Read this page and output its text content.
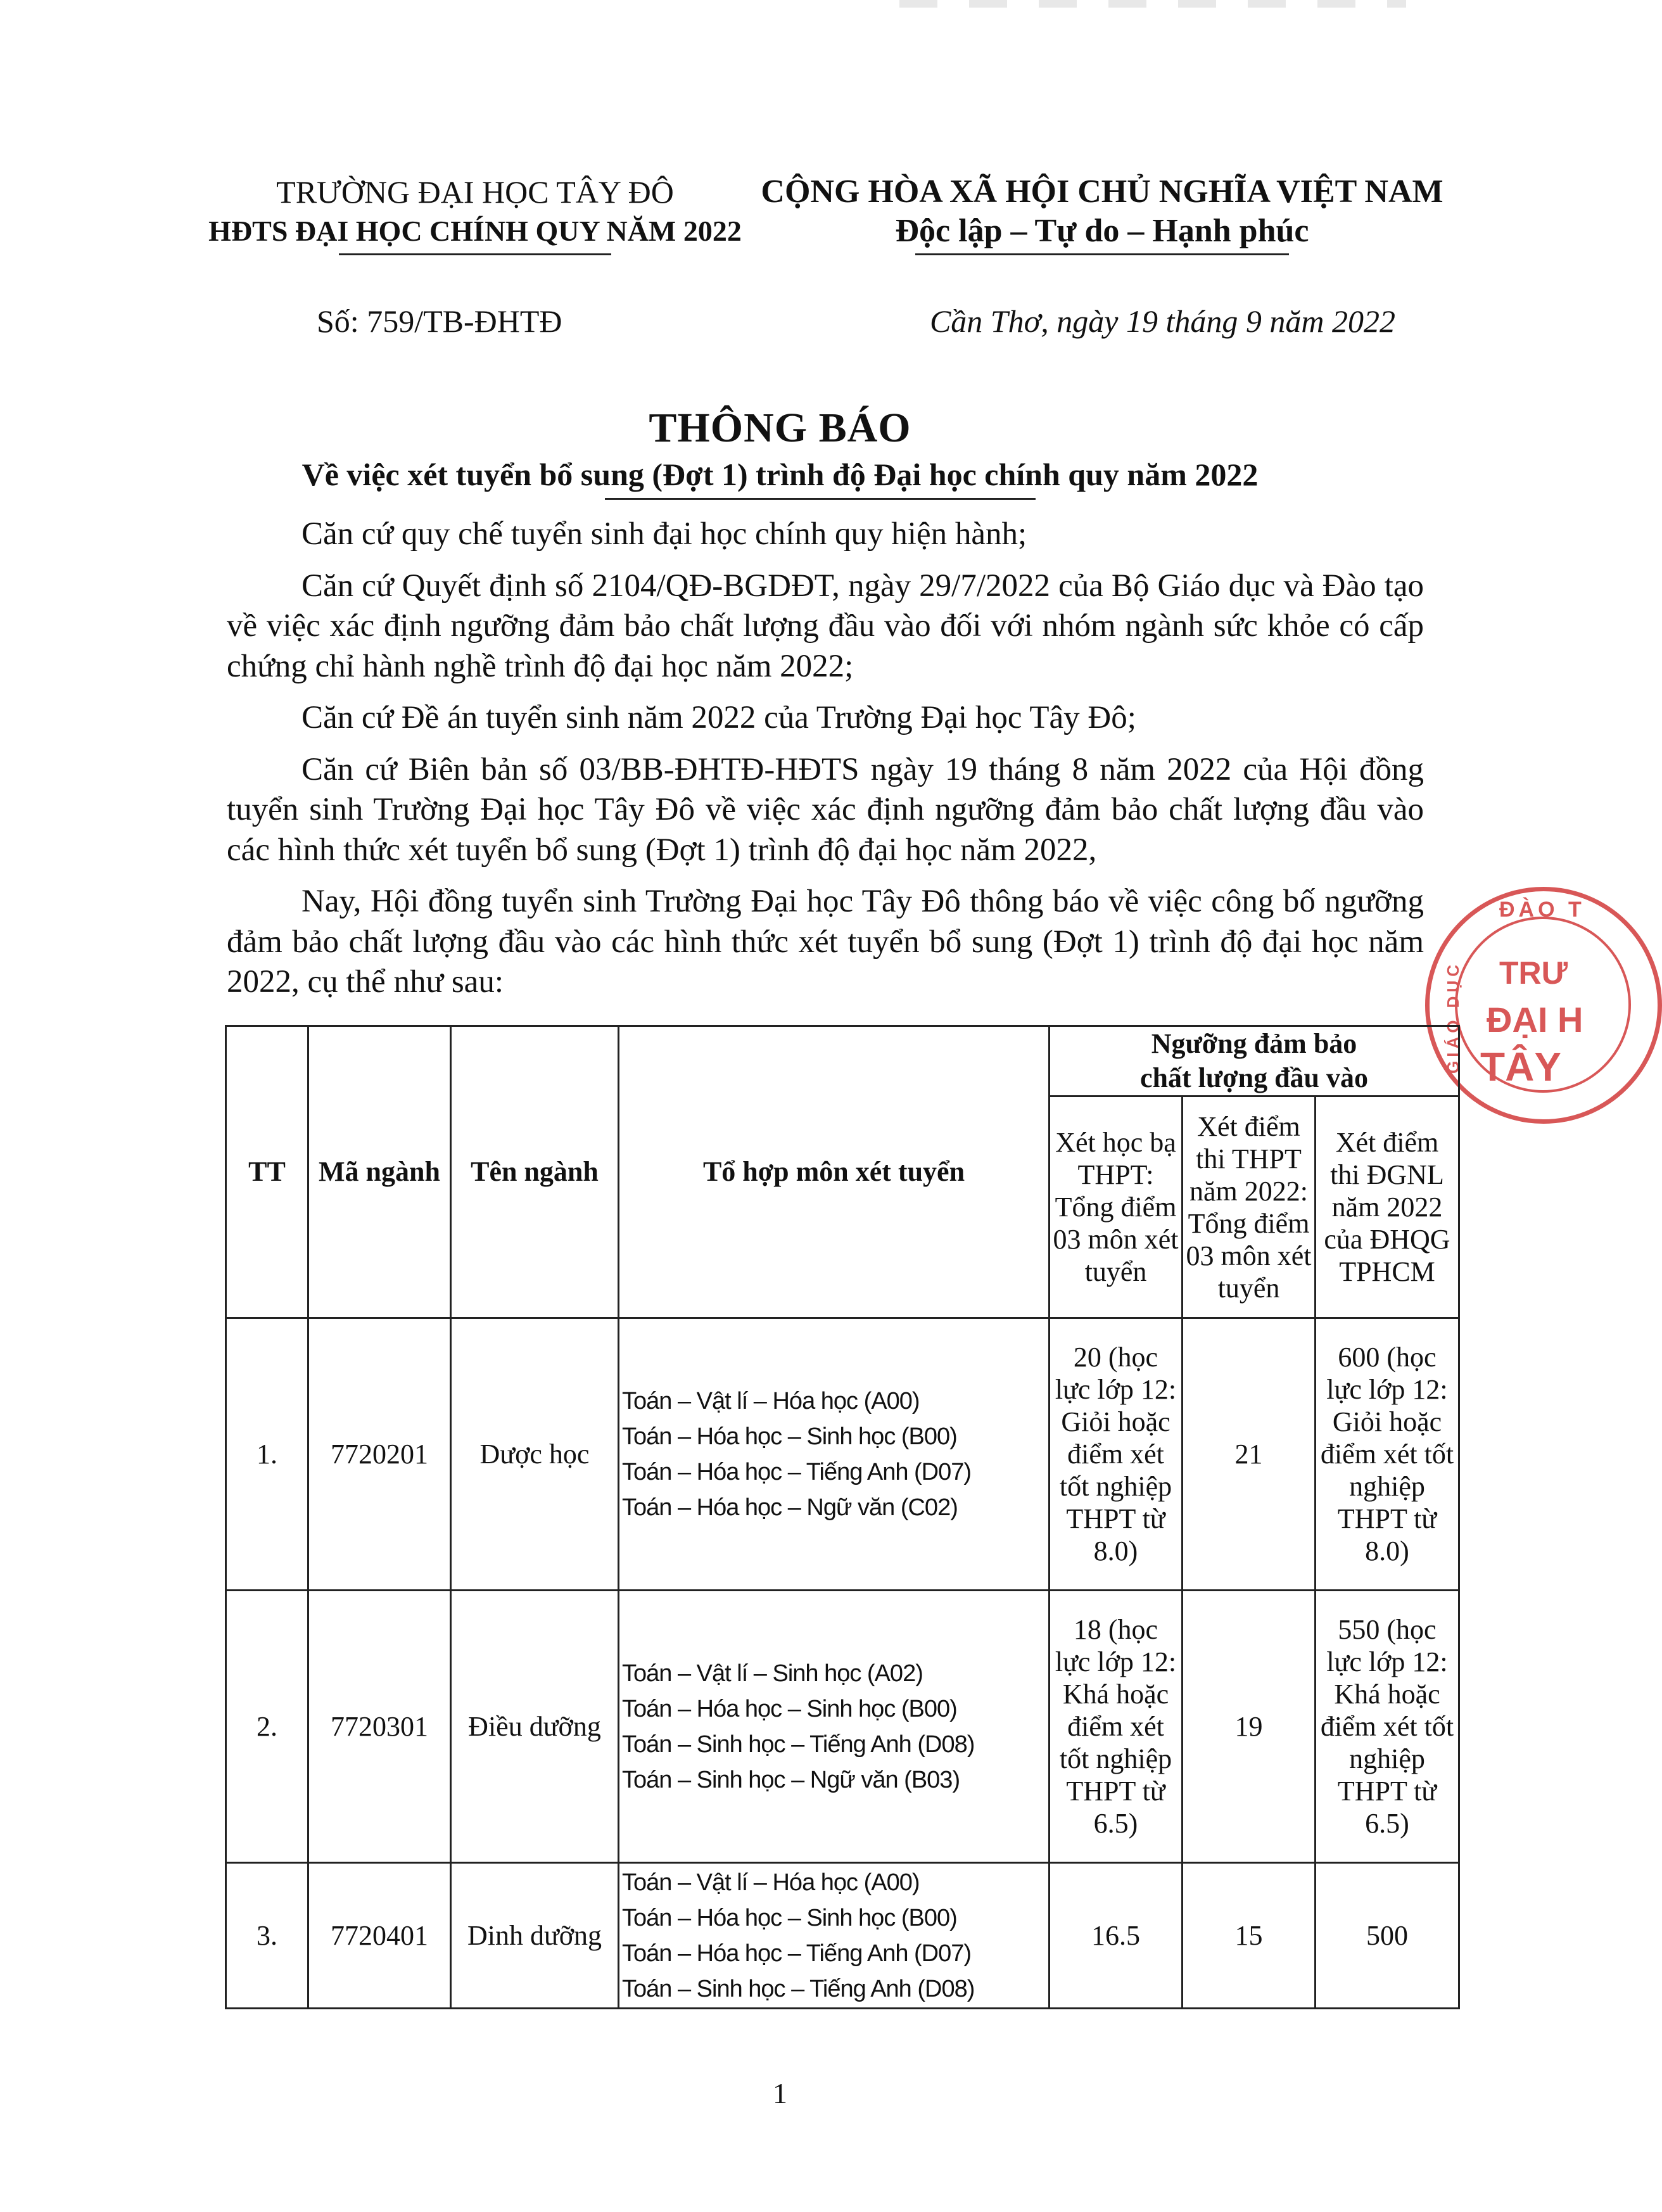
TRƯỜNG ĐẠI HỌC TÂY ĐÔ
HĐTS ĐẠI HỌC CHÍNH QUY NĂM 2022
CỘNG HÒA XÃ HỘI CHỦ NGHĨA VIỆT NAM
Độc lập – Tự do – Hạnh phúc
Số: 759/TB-ĐHTĐ	Cần Thơ, ngày 19 tháng 9 năm 2022
THÔNG BÁO
Về việc xét tuyển bổ sung (Đợt 1) trình độ Đại học chính quy năm 2022

Căn cứ quy chế tuyển sinh đại học chính quy hiện hành;

Căn cứ Quyết định số 2104/QĐ-BGDĐT, ngày 29/7/2022 của Bộ Giáo dục và Đào tạo về việc xác định ngưỡng đảm bảo chất lượng đầu vào đối với nhóm ngành sức khỏe có cấp chứng chỉ hành nghề trình độ đại học năm 2022;

Căn cứ Đề án tuyển sinh năm 2022 của Trường Đại học Tây Đô;

Căn cứ Biên bản số 03/BB-ĐHTĐ-HĐTS ngày 19 tháng 8 năm 2022 của Hội đồng tuyển sinh Trường Đại học Tây Đô về việc xác định ngưỡng đảm bảo chất lượng đầu vào các hình thức xét tuyển bổ sung (Đợt 1) trình độ đại học năm 2022,

Nay, Hội đồng tuyển sinh Trường Đại học Tây Đô thông báo về việc công bố ngưỡng đảm bảo chất lượng đầu vào các hình thức xét tuyển bổ sung (Đợt 1) trình độ đại học năm 2022, cụ thể như sau:

ĐÀO T
GIÁO DỤC TRƯ
ĐẠI H
TÂY
TT	Mã ngành	Tên ngành	Tổ hợp môn xét tuyển	Ngưỡng đảm bảo chất lượng đầu vào		
				Xét học bạ THPT: Tổng điểm 03 môn xét tuyển	Xét điểm thi THPT năm 2022: Tổng điểm 03 môn xét tuyển	Xét điểm thi ĐGNL năm 2022 của ĐHQG TPHCM
1.	7720201	Dược học	Toán – Vật lí – Hóa học (A00)
Toán – Hóa học – Sinh học (B00)
Toán – Hóa học – Tiếng Anh (D07)
Toán – Hóa học – Ngữ văn (C02)	20 (học lực lớp 12: Giỏi hoặc điểm xét tốt nghiệp THPT từ 8.0)	21	600 (học lực lớp 12: Giỏi hoặc điểm xét tốt nghiệp THPT từ 8.0)
2.	7720301	Điều dưỡng	Toán – Vật lí – Sinh học (A02)
Toán – Hóa học – Sinh học (B00)
Toán – Sinh học – Tiếng Anh (D08)
Toán – Sinh học – Ngữ văn (B03)	18 (học lực lớp 12: Khá hoặc điểm xét tốt nghiệp THPT từ 6.5)	19	550 (học lực lớp 12: Khá hoặc điểm xét tốt nghiệp THPT từ 6.5)
3.	7720401	Dinh dưỡng	Toán – Vật lí – Hóa học (A00)
Toán – Hóa học – Sinh học (B00)
Toán – Hóa học – Tiếng Anh (D07)
Toán – Sinh học – Tiếng Anh (D08)	16.5	15	500
1
